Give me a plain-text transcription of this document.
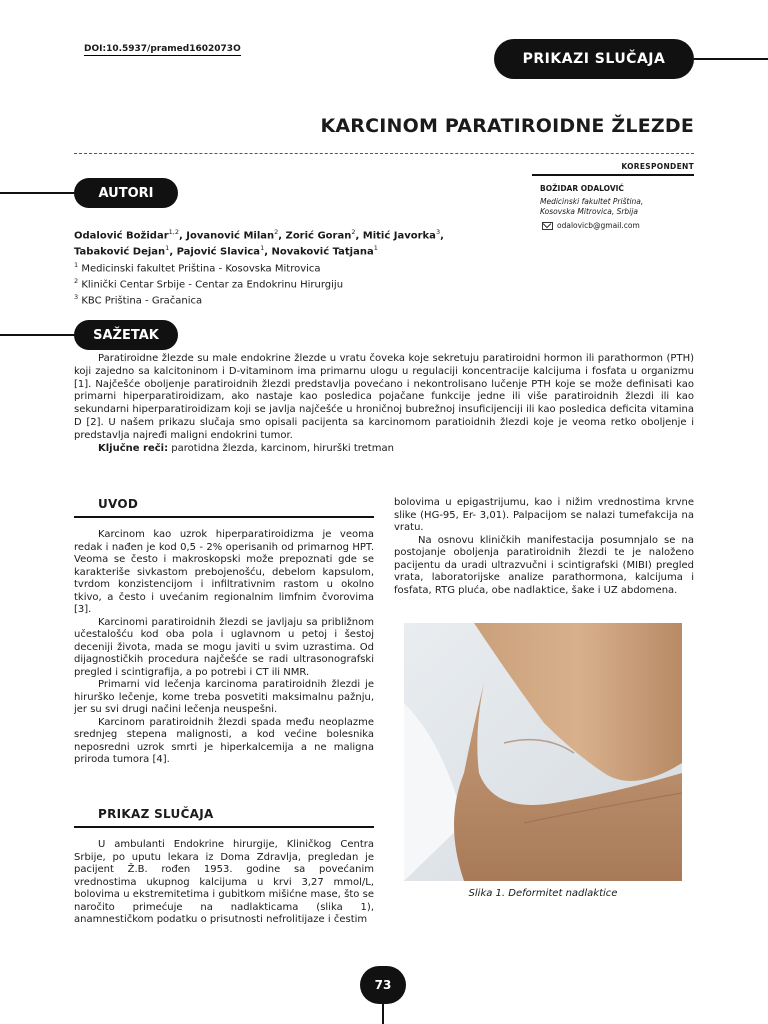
DOI:10.5937/pramed1602073O
PRIKAZI SLUČAJA
KARCINOM PARATIROIDNE ŽLEZDE
KORESPONDENT
BOŽIDAR ODALOVIĆ
Medicinski fakultet Priština,
Kosovska Mitrovica, Srbija
odalovicb@gmail.com
AUTORI
Odalović Božidar$^{1,2}$, Jovanović Milan$^2$, Zorić Goran$^2$, Mitić Javorka$^3$,
Tabaković Dejan$^1$, Pajović Slavica$^1$, Novaković Tatjana$^1$
$^1$ Medicinski fakultet Priština - Kosovska Mitrovica
$^2$ Klinički Centar Srbije - Centar za Endokrinu Hirurgiju
$^3$ KBC Priština - Gračanica
SAŽETAK

Paratiroidne žlezde su male endokrine žlezde u vratu čoveka koje sekretuju paratiroidni hormon ili parathormon (PTH) koji zajedno sa kalcitoninom i D-vitaminom ima primarnu ulogu u regulaciji koncentracije kalcijuma i fosfata u organizmu [1]. Najčešće oboljenje paratiroidnih žlezdi predstavlja povećano i nekontrolisano lučenje PTH koje se može definisati kao primarni hiperparatiroidizam, ako nastaje kao posledica pojačane funkcije jedne ili više paratiroidnih žlezdi ili kao sekundarni hiperparatiroidizam koji se javlja najčešće u hroničnoj bubrežnoj insuficijenciji ili kao posledica deficita vitamina D [2]. U našem prikazu slučaja smo opisali pacijenta sa karcinomom paratioidnih žlezdi koje je veoma retko oboljenje i predstavlja najređi maligni endokrini tumor.

Ključne reči: parotidna žlezda, karcinom, hirurški tretman

UVOD

Karcinom kao uzrok hiperparatiroidizma je veoma redak i nađen je kod 0,5 - 2% operisanih od primarnog HPT. Veoma se često i makroskopski može prepoznati gde se karakteriše sivkastom prebojenošću, debelom kapsulom, tvrdom konzistencijom i infiltrativnim rastom u okolno tkivo, a često i uvećanim regionalnim limfnim čvorovima [3].

Karcinomi paratiroidnih žlezdi se javljaju sa približnom učestalošću kod oba pola i uglavnom u petoj i šestoj deceniji života, mada se mogu javiti u svim uzrastima. Od dijagnostičkih procedura najčešće se radi ultrasonografski pregled i scintigrafija, a po potrebi i CT ili NMR.

Primarni vid lečenja karcinoma paratiroidnih žlezdi je hirurško lečenje, kome treba posvetiti maksimalnu pažnju, jer su svi drugi načini lečenja neuspešni.

Karcinom paratiroidnih žlezdi spada među neoplazme srednjeg stepena malignosti, a kod većine bolesnika neposredni uzrok smrti je hiperkalcemija a ne maligna priroda tumora [4].

PRIKAZ SLUČAJA

U ambulanti Endokrine hirurgije, Kliničkog Centra Srbije, po uputu lekara iz Doma Zdravlja, pregledan je pacijent Ž.B. rođen 1953. godine sa povećanim vrednostima ukupnog kalcijuma u krvi 3,27 mmol/L, bolovima u ekstremitetima i gubitkom mišićne mase, što se naročito primećuje na nadlakticama (slika 1), anamnestičkom podatku o prisutnosti nefrolitijaze i čestim

bolovima u epigastrijumu, kao i nižim vrednostima krvne slike (HG-95, Er- 3,01). Palpacijom se nalazi tumefakcija na vratu.

Na osnovu kliničkih manifestacija posumnjalo se na postojanje oboljenja paratiroidnih žlezdi te je naloženo pacijentu da uradi ultrazvučni i scintigrafski (MIBI) pregled vrata, laboratorijske analize parathormona, kalcijuma i fosfata, RTG pluća, obe nadlaktice, šake i UZ abdomena.

Slika 1. Deformitet nadlaktice
73
